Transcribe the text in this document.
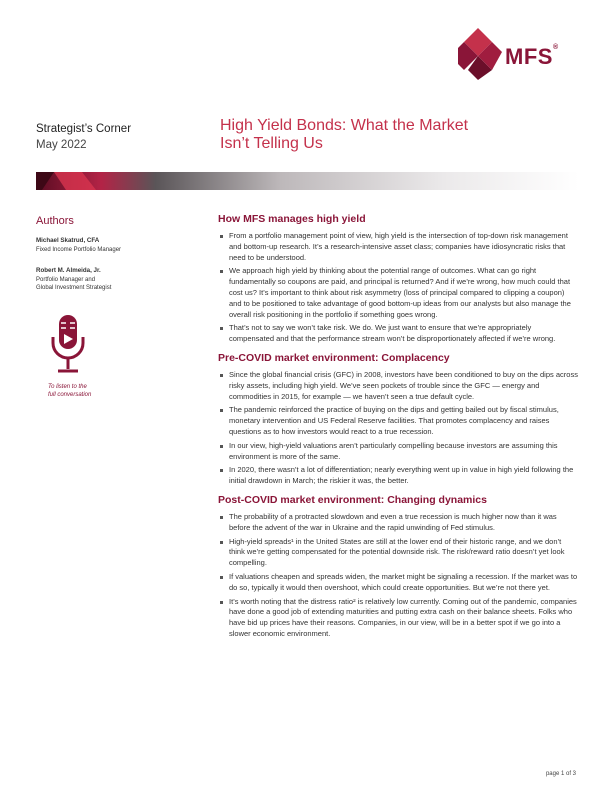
MFS®
Strategist’s Corner
May 2022
High Yield Bonds: What the Market
Isn’t Telling Us
Authors
Michael Skatrud, CFA
Fixed Income Portfolio Manager
Robert M. Almeida, Jr.
Portfolio Manager and
Global Investment Strategist
To listen to the
full conversation
How MFS manages high yield
From a portfolio management point of view, high yield is the intersection of top-down risk management and bottom-up research. It’s a research-intensive asset class; companies have idiosyncratic risks that need to be understood.
We approach high yield by thinking about the potential range of outcomes. What can go right fundamentally so coupons are paid, and principal is returned? And if we’re wrong, how much could that cost us? It’s important to think about risk asymmetry (loss of principal compared to clipping a coupon) and to be positioned to take advantage of good bottom-up ideas from our analysts but also manage the overall risk positioning in the portfolio if something goes wrong.
That’s not to say we won’t take risk. We do. We just want to ensure that we’re appropriately compensated and that the performance stream won’t be disproportionately affected if we’re wrong.
Pre-COVID market environment: Complacency
Since the global financial crisis (GFC) in 2008, investors have been conditioned to buy on the dips across risky assets, including high yield. We’ve seen pockets of trouble since the GFC — energy and commodities in 2015, for example — we haven’t seen a true default cycle.
The pandemic reinforced the practice of buying on the dips and getting bailed out by fiscal stimulus, monetary intervention and US Federal Reserve facilities. That promotes complacency and raises questions as to how investors would react to a true recession.
In our view, high-yield valuations aren’t particularly compelling because investors are assuming this environment is more of the same.
In 2020, there wasn’t a lot of differentiation; nearly everything went up in value in high yield following the initial drawdown in March; the riskier it was, the better.
Post-COVID market environment: Changing dynamics
The probability of a protracted slowdown and even a true recession is much higher now than it was before the advent of the war in Ukraine and the rapid unwinding of Fed stimulus.
High-yield spreads¹ in the United States are still at the lower end of their historic range, and we don’t think we’re getting compensated for the potential downside risk. The risk/reward ratio doesn’t yet look compelling.
If valuations cheapen and spreads widen, the market might be signaling a recession. If the market was to do so, typically it would then overshoot, which could create opportunities. But we’re not there yet.
It’s worth noting that the distress ratio² is relatively low currently. Coming out of the pandemic, companies have done a good job of extending maturities and putting extra cash on their balance sheets. Folks who have bid up prices have their reasons. Companies, in our view, will be in a better spot if we go into a slower economic environment.
page 1 of 3
